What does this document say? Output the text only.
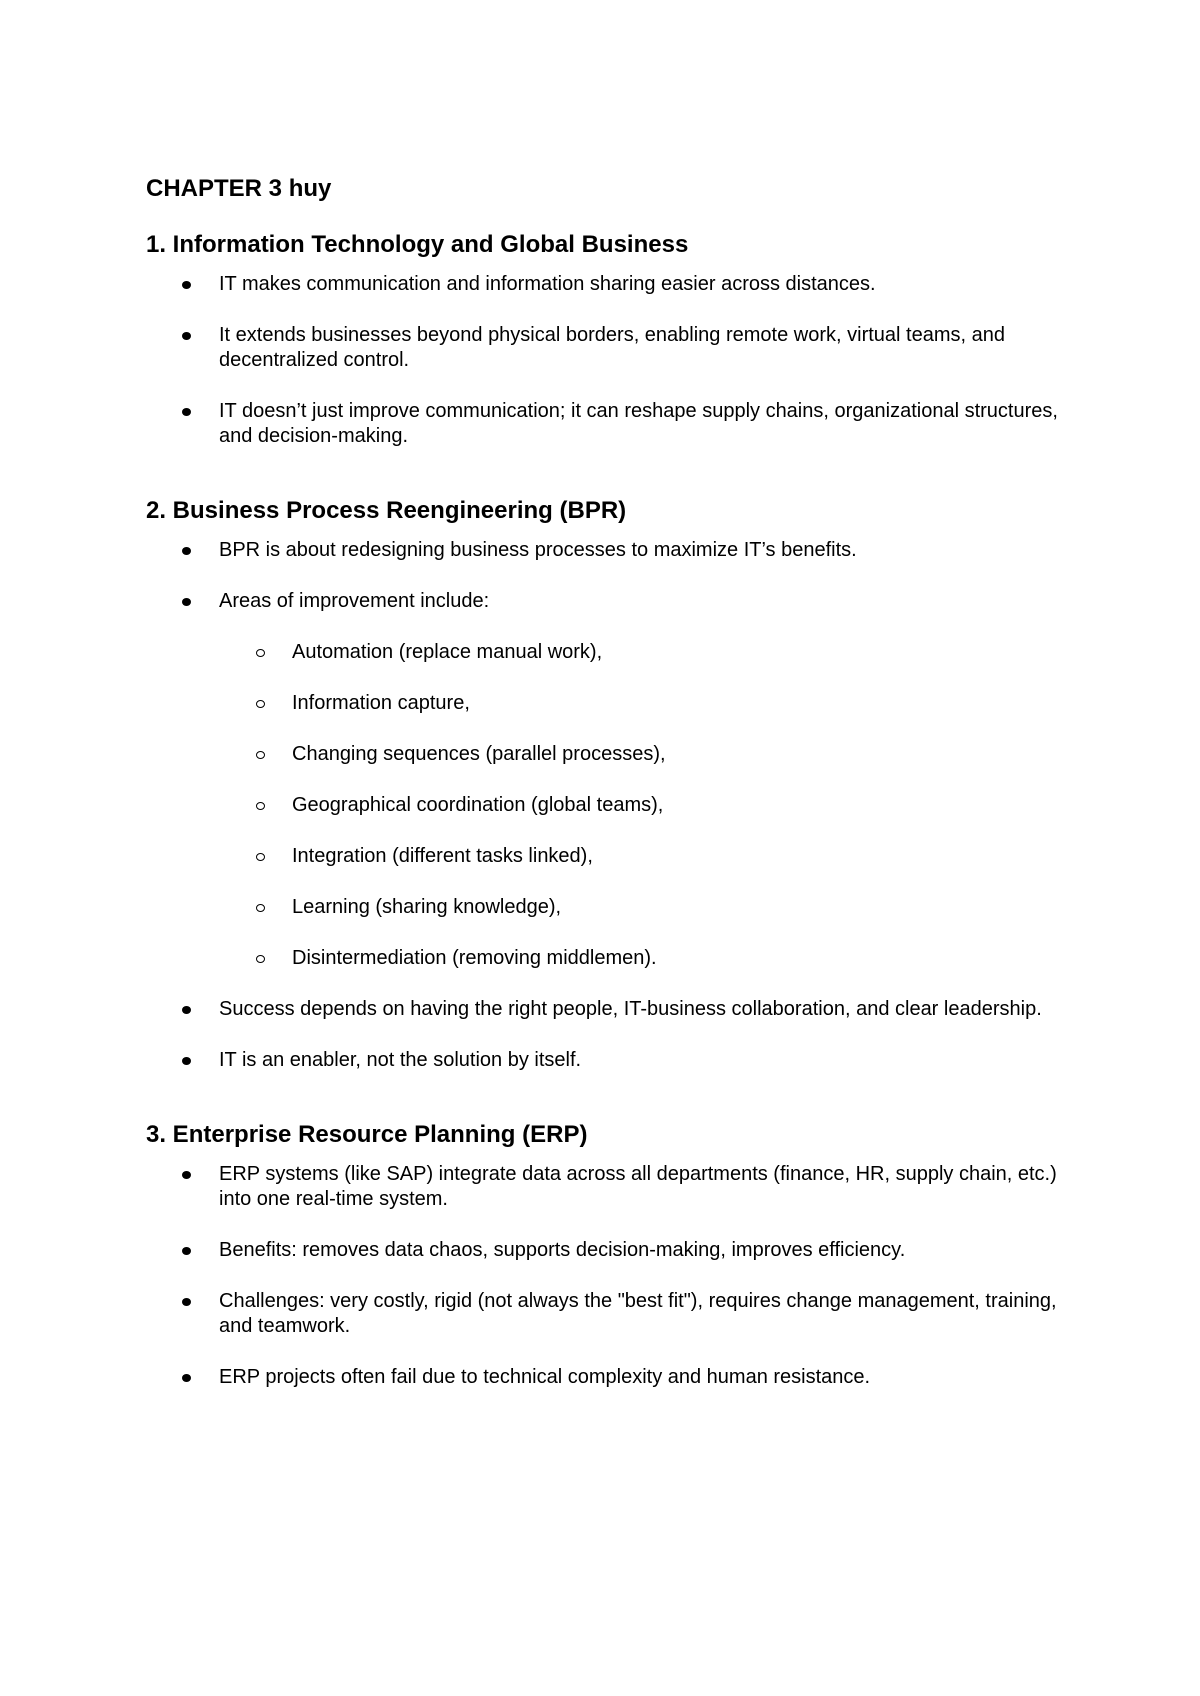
CHAPTER 3 huy
1. Information Technology and Global Business
IT makes communication and information sharing easier across distances.
It extends businesses beyond physical borders, enabling remote work, virtual teams, and decentralized control.
IT doesn’t just improve communication; it can reshape supply chains, organizational structures, and decision-making.
2. Business Process Reengineering (BPR)
BPR is about redesigning business processes to maximize IT’s benefits.
Areas of improvement include:
Automation (replace manual work),
Information capture,
Changing sequences (parallel processes),
Geographical coordination (global teams),
Integration (different tasks linked),
Learning (sharing knowledge),
Disintermediation (removing middlemen).
Success depends on having the right people, IT-business collaboration, and clear leadership.
IT is an enabler, not the solution by itself.
3. Enterprise Resource Planning (ERP)
ERP systems (like SAP) integrate data across all departments (finance, HR, supply chain, etc.) into one real-time system.
Benefits: removes data chaos, supports decision-making, improves efficiency.
Challenges: very costly, rigid (not always the "best fit"), requires change management, training, and teamwork.
ERP projects often fail due to technical complexity and human resistance.
